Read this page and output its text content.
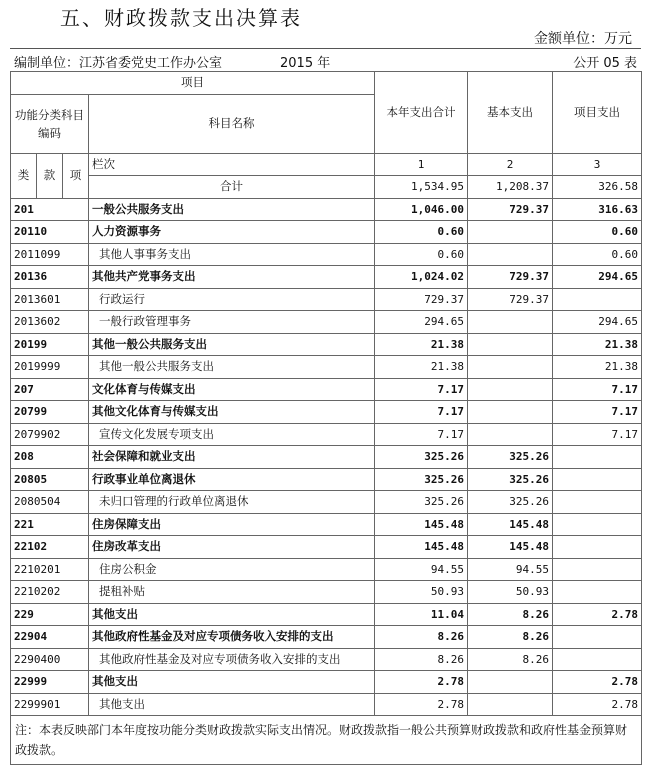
五、财政拨款支出决算表
金额单位：万元
编制单位：江苏省委党史工作办公室	2015 年	公开 05 表
项目				本年支出合计	基本支出	项目支出
功能分类科目编码			科目名称			

类	款	项	栏次	1	2	3
			合计	1,534.95	1,208.37	326.58
201			一般公共服务支出	1,046.00	729.37	316.63
20110			人力资源事务	0.60		0.60
2011099			其他人事事务支出	0.60		0.60
20136			其他共产党事务支出	1,024.02	729.37	294.65
2013601			行政运行	729.37	729.37	
2013602			一般行政管理事务	294.65		294.65
20199			其他一般公共服务支出	21.38		21.38
2019999			其他一般公共服务支出	21.38		21.38
207			文化体育与传媒支出	7.17		7.17
20799			其他文化体育与传媒支出	7.17		7.17
2079902			宣传文化发展专项支出	7.17		7.17
208			社会保障和就业支出	325.26	325.26	
20805			行政事业单位离退休	325.26	325.26	
2080504			未归口管理的行政单位离退休	325.26	325.26	
221			住房保障支出	145.48	145.48	
22102			住房改革支出	145.48	145.48	
2210201			住房公积金	94.55	94.55	
2210202			提租补贴	50.93	50.93	
229			其他支出	11.04	8.26	2.78
22904			其他政府性基金及对应专项债务收入安排的支出	8.26	8.26	
2290400			其他政府性基金及对应专项债务收入安排的支出	8.26	8.26	
22999			其他支出	2.78		2.78
2299901			其他支出	2.78		2.78
注：本表反映部门本年度按功能分类财政拨款实际支出情况。财政拨款指一般公共预算财政拨款和政府性基金预算财政拨款。						
